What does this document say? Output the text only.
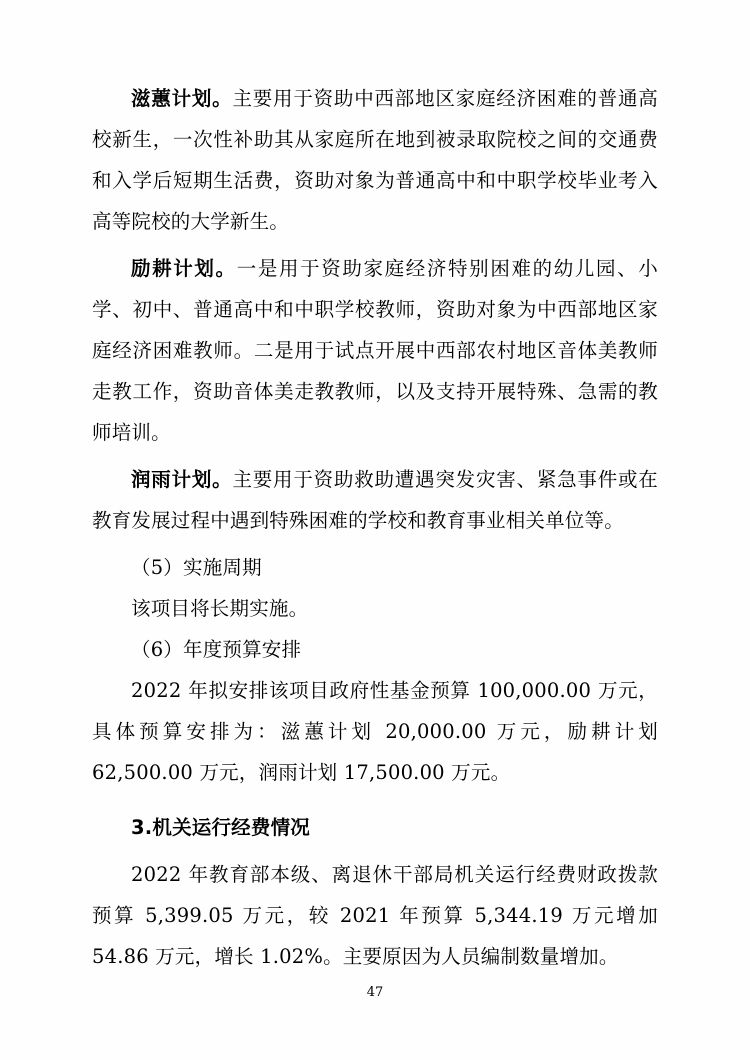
滋蕙计划。主要用于资助中西部地区家庭经济困难的普通高校新生，一次性补助其从家庭所在地到被录取院校之间的交通费和入学后短期生活费，资助对象为普通高中和中职学校毕业考入高等院校的大学新生。

励耕计划。一是用于资助家庭经济特别困难的幼儿园、小学、初中、普通高中和中职学校教师，资助对象为中西部地区家庭经济困难教师。二是用于试点开展中西部农村地区音体美教师走教工作，资助音体美走教教师，以及支持开展特殊、急需的教师培训。

润雨计划。主要用于资助救助遭遇突发灾害、紧急事件或在教育发展过程中遇到特殊困难的学校和教育事业相关单位等。

（5）实施周期

该项目将长期实施。

（6）年度预算安排

2022 年拟安排该项目政府性基金预算 100,000.00 万元，具体预算安排为：滋蕙计划 20,000.00 万元，励耕计划 62,500.00 万元，润雨计划 17,500.00 万元。

3.机关运行经费情况

2022 年教育部本级、离退休干部局机关运行经费财政拨款预算 5,399.05 万元，较 2021 年预算 5,344.19 万元增加 54.86 万元，增长 1.02%。主要原因为人员编制数量增加。

47
